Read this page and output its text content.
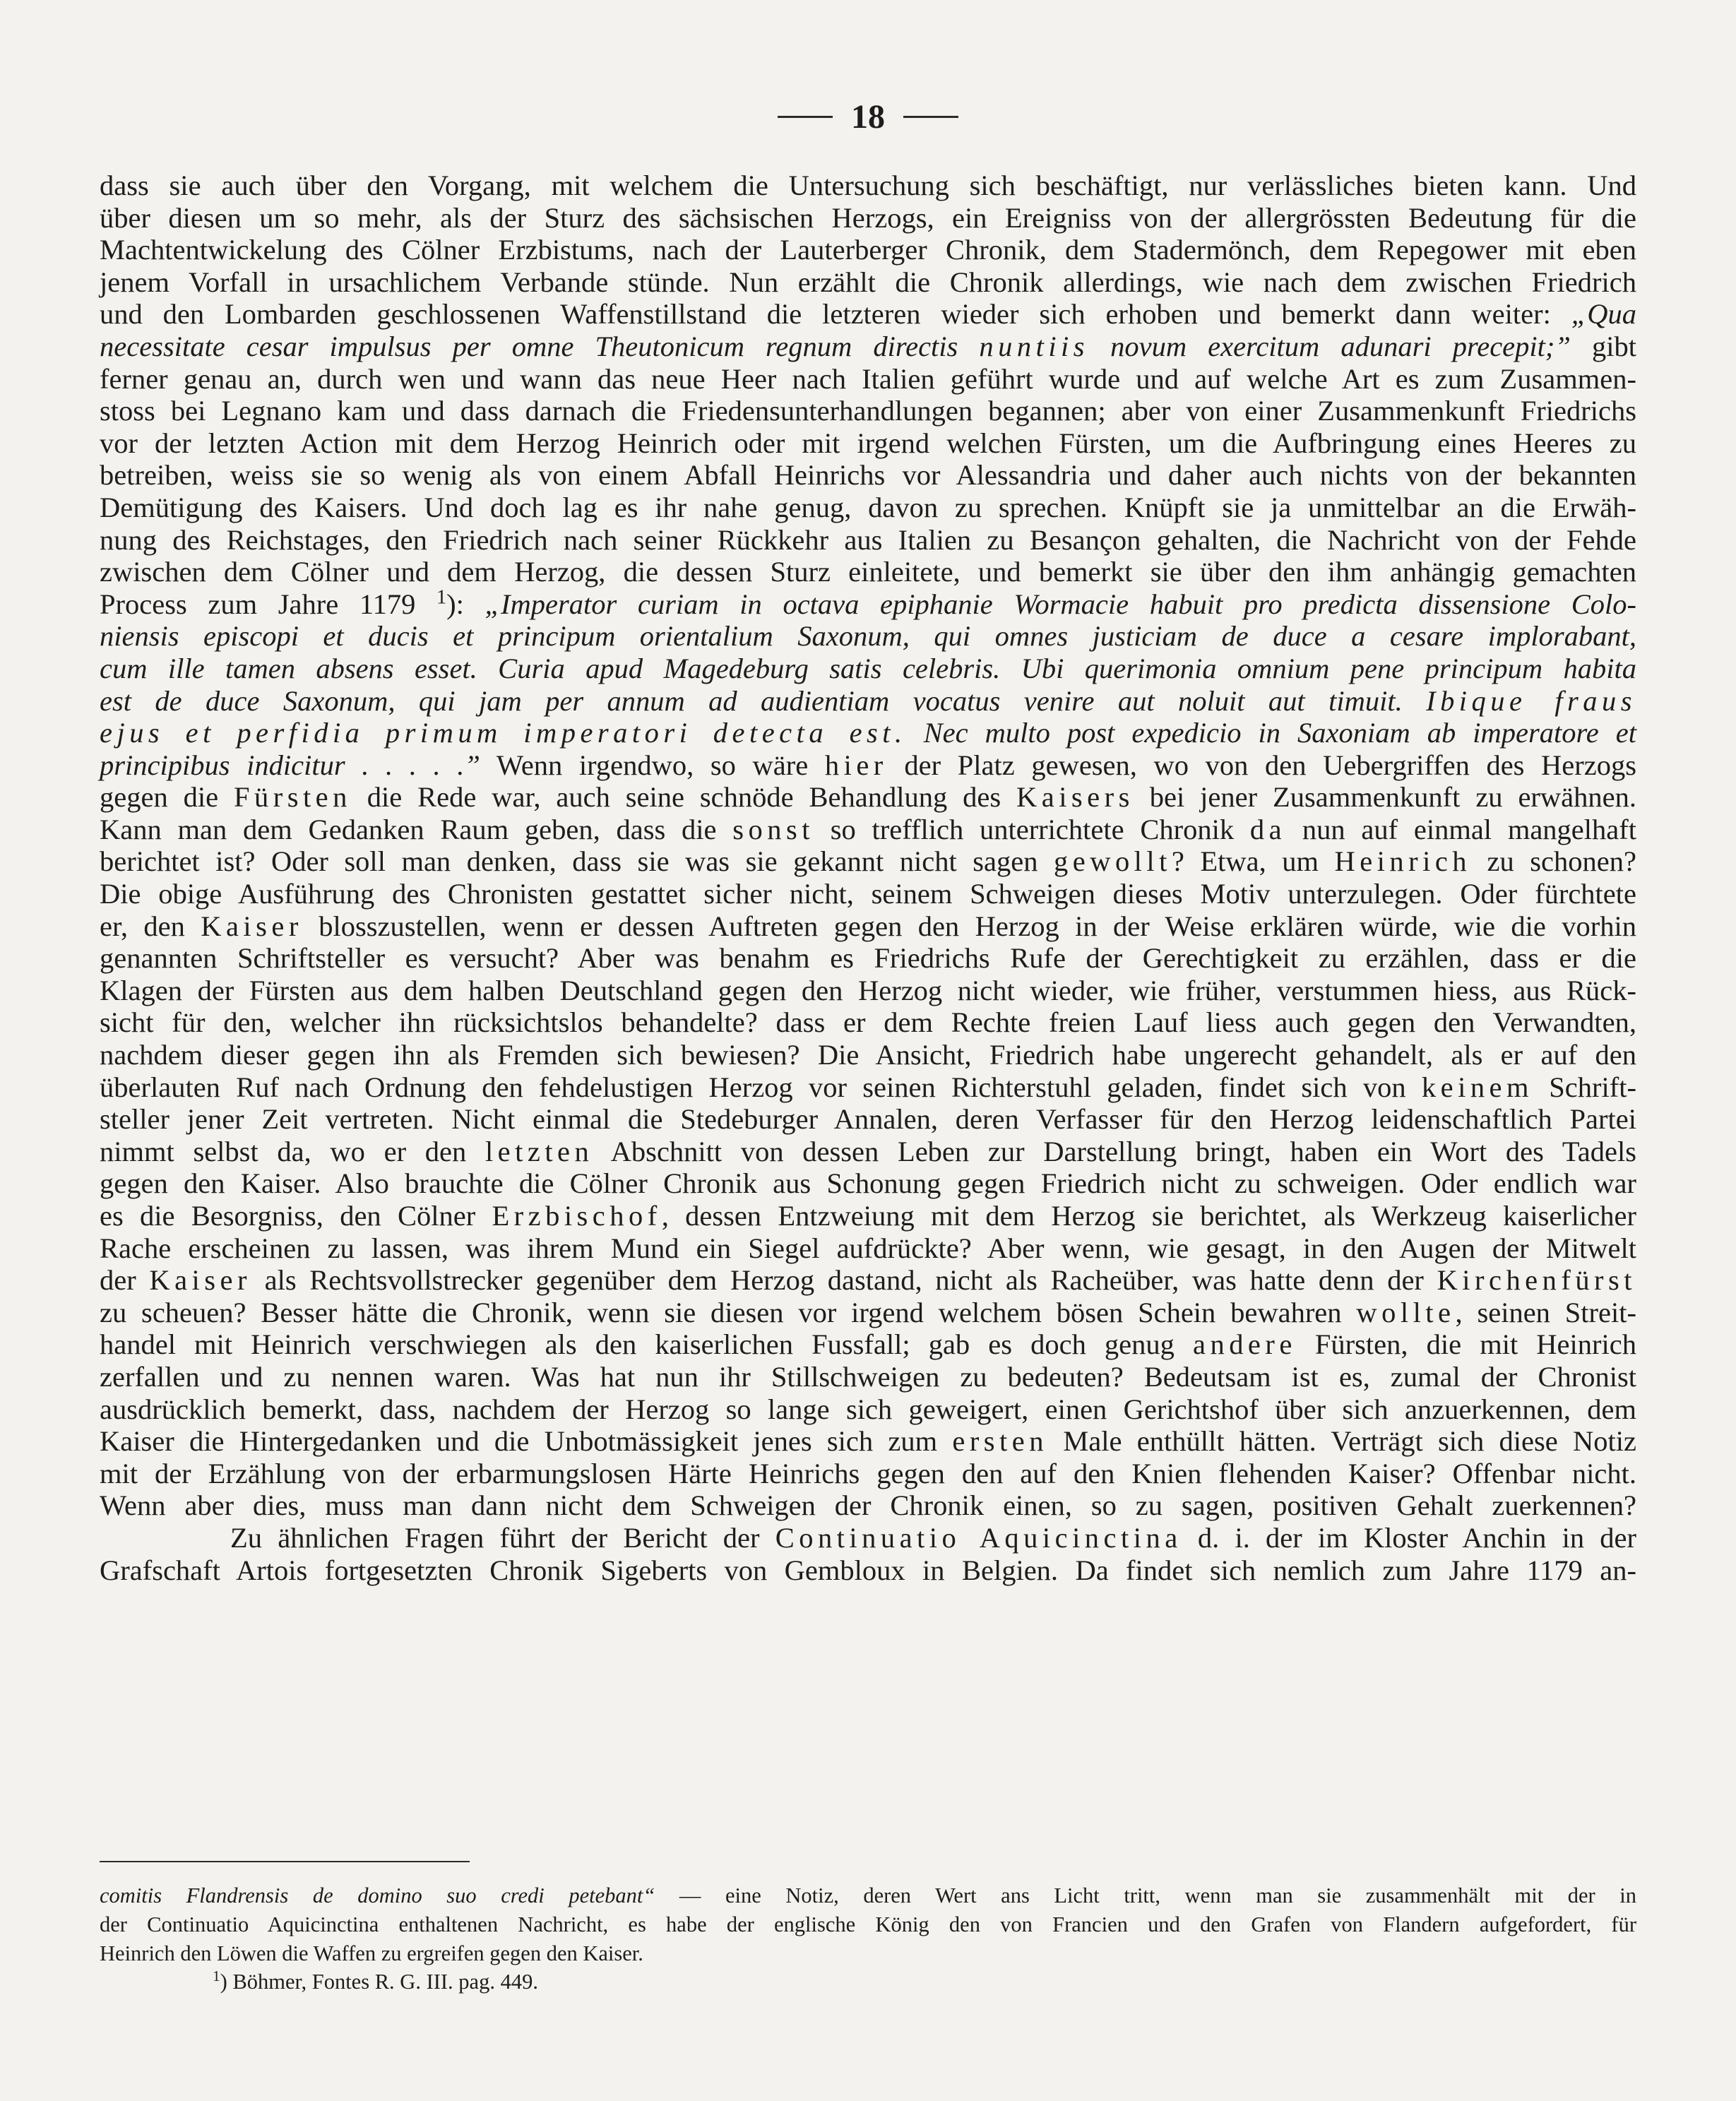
18
dass sie auch über den Vorgang, mit welchem die Untersuchung sich beschäftigt, nur verlässliches bieten kann. Und
über diesen um so mehr, als der Sturz des sächsischen Herzogs, ein Ereigniss von der allergrössten Bedeutung für die
Machtentwickelung des Cölner Erzbistums, nach der Lauterberger Chronik, dem Stadermönch, dem Repegower mit eben
jenem Vorfall in ursachlichem Verbande stünde. Nun erzählt die Chronik allerdings, wie nach dem zwischen Friedrich
und den Lombarden geschlossenen Waffenstillstand die letzteren wieder sich erhoben und bemerkt dann weiter: „Qua
necessitate cesar impulsus per omne Theutonicum regnum directis nuntiis novum exercitum adunari precepit;” gibt
ferner genau an, durch wen und wann das neue Heer nach Italien geführt wurde und auf welche Art es zum Zusammen-
stoss bei Legnano kam und dass darnach die Friedensunterhandlungen begannen; aber von einer Zusammenkunft Friedrichs
vor der letzten Action mit dem Herzog Heinrich oder mit irgend welchen Fürsten, um die Aufbringung eines Heeres zu
betreiben, weiss sie so wenig als von einem Abfall Heinrichs vor Alessandria und daher auch nichts von der bekannten
Demütigung des Kaisers. Und doch lag es ihr nahe genug, davon zu sprechen. Knüpft sie ja unmittelbar an die Erwäh-
nung des Reichstages, den Friedrich nach seiner Rückkehr aus Italien zu Besançon gehalten, die Nachricht von der Fehde
zwischen dem Cölner und dem Herzog, die dessen Sturz einleitete, und bemerkt sie über den ihm anhängig gemachten
Process zum Jahre 1179 $^1$): „Imperator curiam in octava epiphanie Wormacie habuit pro predicta dissensione Colo-
niensis episcopi et ducis et principum orientalium Saxonum, qui omnes justiciam de duce a cesare implorabant,
cum ille tamen absens esset. Curia apud Magedeburg satis celebris. Ubi querimonia omnium pene principum habita
est de duce Saxonum, qui jam per annum ad audientiam vocatus venire aut noluit aut timuit. Ibique fraus
ejus et perfidia primum imperatori detecta est. Nec multo post expedicio in Saxoniam ab imperatore et
principibus indicitur . . . . .” Wenn irgendwo, so wäre hier der Platz gewesen, wo von den Uebergriffen des Herzogs
gegen die Fürsten die Rede war, auch seine schnöde Behandlung des Kaisers bei jener Zusammenkunft zu erwähnen.
Kann man dem Gedanken Raum geben, dass die sonst so trefflich unterrichtete Chronik da nun auf einmal mangelhaft
berichtet ist? Oder soll man denken, dass sie was sie gekannt nicht sagen gewollt? Etwa, um Heinrich zu schonen?
Die obige Ausführung des Chronisten gestattet sicher nicht, seinem Schweigen dieses Motiv unterzulegen. Oder fürchtete
er, den Kaiser blosszustellen, wenn er dessen Auftreten gegen den Herzog in der Weise erklären würde, wie die vorhin
genannten Schriftsteller es versucht? Aber was benahm es Friedrichs Rufe der Gerechtigkeit zu erzählen, dass er die
Klagen der Fürsten aus dem halben Deutschland gegen den Herzog nicht wieder, wie früher, verstummen hiess, aus Rück-
sicht für den, welcher ihn rücksichtslos behandelte? dass er dem Rechte freien Lauf liess auch gegen den Verwandten,
nachdem dieser gegen ihn als Fremden sich bewiesen? Die Ansicht, Friedrich habe ungerecht gehandelt, als er auf den
überlauten Ruf nach Ordnung den fehdelustigen Herzog vor seinen Richterstuhl geladen, findet sich von keinem Schrift-
steller jener Zeit vertreten. Nicht einmal die Stedeburger Annalen, deren Verfasser für den Herzog leidenschaftlich Partei
nimmt selbst da, wo er den letzten Abschnitt von dessen Leben zur Darstellung bringt, haben ein Wort des Tadels
gegen den Kaiser. Also brauchte die Cölner Chronik aus Schonung gegen Friedrich nicht zu schweigen. Oder endlich war
es die Besorgniss, den Cölner Erzbischof, dessen Entzweiung mit dem Herzog sie berichtet, als Werkzeug kaiserlicher
Rache erscheinen zu lassen, was ihrem Mund ein Siegel aufdrückte? Aber wenn, wie gesagt, in den Augen der Mitwelt
der Kaiser als Rechtsvollstrecker gegenüber dem Herzog dastand, nicht als Racheüber, was hatte denn der Kirchenfürst
zu scheuen? Besser hätte die Chronik, wenn sie diesen vor irgend welchem bösen Schein bewahren wollte, seinen Streit-
handel mit Heinrich verschwiegen als den kaiserlichen Fussfall; gab es doch genug andere Fürsten, die mit Heinrich
zerfallen und zu nennen waren. Was hat nun ihr Stillschweigen zu bedeuten? Bedeutsam ist es, zumal der Chronist
ausdrücklich bemerkt, dass, nachdem der Herzog so lange sich geweigert, einen Gerichtshof über sich anzuerkennen, dem
Kaiser die Hintergedanken und die Unbotmässigkeit jenes sich zum ersten Male enthüllt hätten. Verträgt sich diese Notiz
mit der Erzählung von der erbarmungslosen Härte Heinrichs gegen den auf den Knien flehenden Kaiser? Offenbar nicht.
Wenn aber dies, muss man dann nicht dem Schweigen der Chronik einen, so zu sagen, positiven Gehalt zuerkennen?
Zu ähnlichen Fragen führt der Bericht der Continuatio Aquicinctina d. i. der im Kloster Anchin in der
Grafschaft Artois fortgesetzten Chronik Sigeberts von Gembloux in Belgien. Da findet sich nemlich zum Jahre 1179 an-
comitis Flandrensis de domino suo credi petebant“ — eine Notiz, deren Wert ans Licht tritt, wenn man sie zusammenhält mit der in
der Continuatio Aquicinctina enthaltenen Nachricht, es habe der englische König den von Francien und den Grafen von Flandern aufgefordert, für
Heinrich den Löwen die Waffen zu ergreifen gegen den Kaiser.
$^1$) Böhmer, Fontes R. G. III. pag. 449.
